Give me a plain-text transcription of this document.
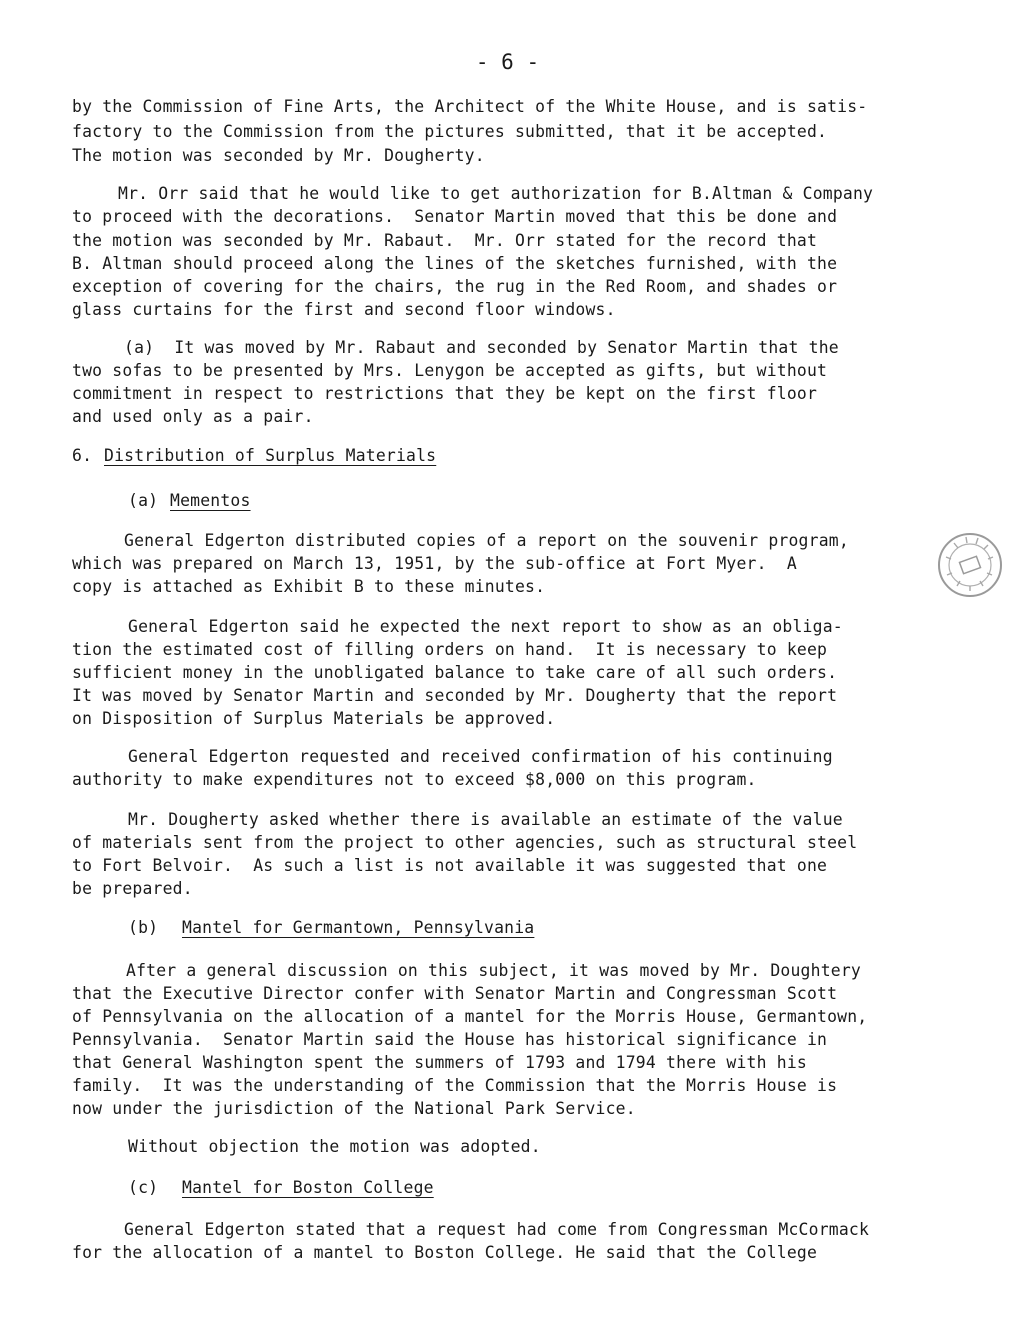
- 6 -
by the Commission of Fine Arts, the Architect of the White House, and is satis-
factory to the Commission from the pictures submitted, that it be accepted.
The motion was seconded by Mr. Dougherty.
Mr. Orr said that he would like to get authorization for B.Altman & Company
to proceed with the decorations.  Senator Martin moved that this be done and
the motion was seconded by Mr. Rabaut.  Mr. Orr stated for the record that
B. Altman should proceed along the lines of the sketches furnished, with the
exception of covering for the chairs, the rug in the Red Room, and shades or
glass curtains for the first and second floor windows.
(a)  It was moved by Mr. Rabaut and seconded by Senator Martin that the
two sofas to be presented by Mrs. Lenygon be accepted as gifts, but without
commitment in respect to restrictions that they be kept on the first floor
and used only as a pair.
6. Distribution of Surplus Materials
(a) Mementos
General Edgerton distributed copies of a report on the souvenir program,
which was prepared on March 13, 1951, by the sub-office at Fort Myer.  A
copy is attached as Exhibit B to these minutes.
General Edgerton said he expected the next report to show as an obliga-
tion the estimated cost of filling orders on hand.  It is necessary to keep
sufficient money in the unobligated balance to take care of all such orders.
It was moved by Senator Martin and seconded by Mr. Dougherty that the report
on Disposition of Surplus Materials be approved.
General Edgerton requested and received confirmation of his continuing
authority to make expenditures not to exceed $8,000 on this program.
Mr. Dougherty asked whether there is available an estimate of the value
of materials sent from the project to other agencies, such as structural steel
to Fort Belvoir.  As such a list is not available it was suggested that one
be prepared.
(b) Mantel for Germantown, Pennsylvania
After a general discussion on this subject, it was moved by Mr. Doughtery
that the Executive Director confer with Senator Martin and Congressman Scott
of Pennsylvania on the allocation of a mantel for the Morris House, Germantown,
Pennsylvania.  Senator Martin said the House has historical significance in
that General Washington spent the summers of 1793 and 1794 there with his
family.  It was the understanding of the Commission that the Morris House is
now under the jurisdiction of the National Park Service.
Without objection the motion was adopted.
(c) Mantel for Boston College
General Edgerton stated that a request had come from Congressman McCormack
for the allocation of a mantel to Boston College. He said that the College
